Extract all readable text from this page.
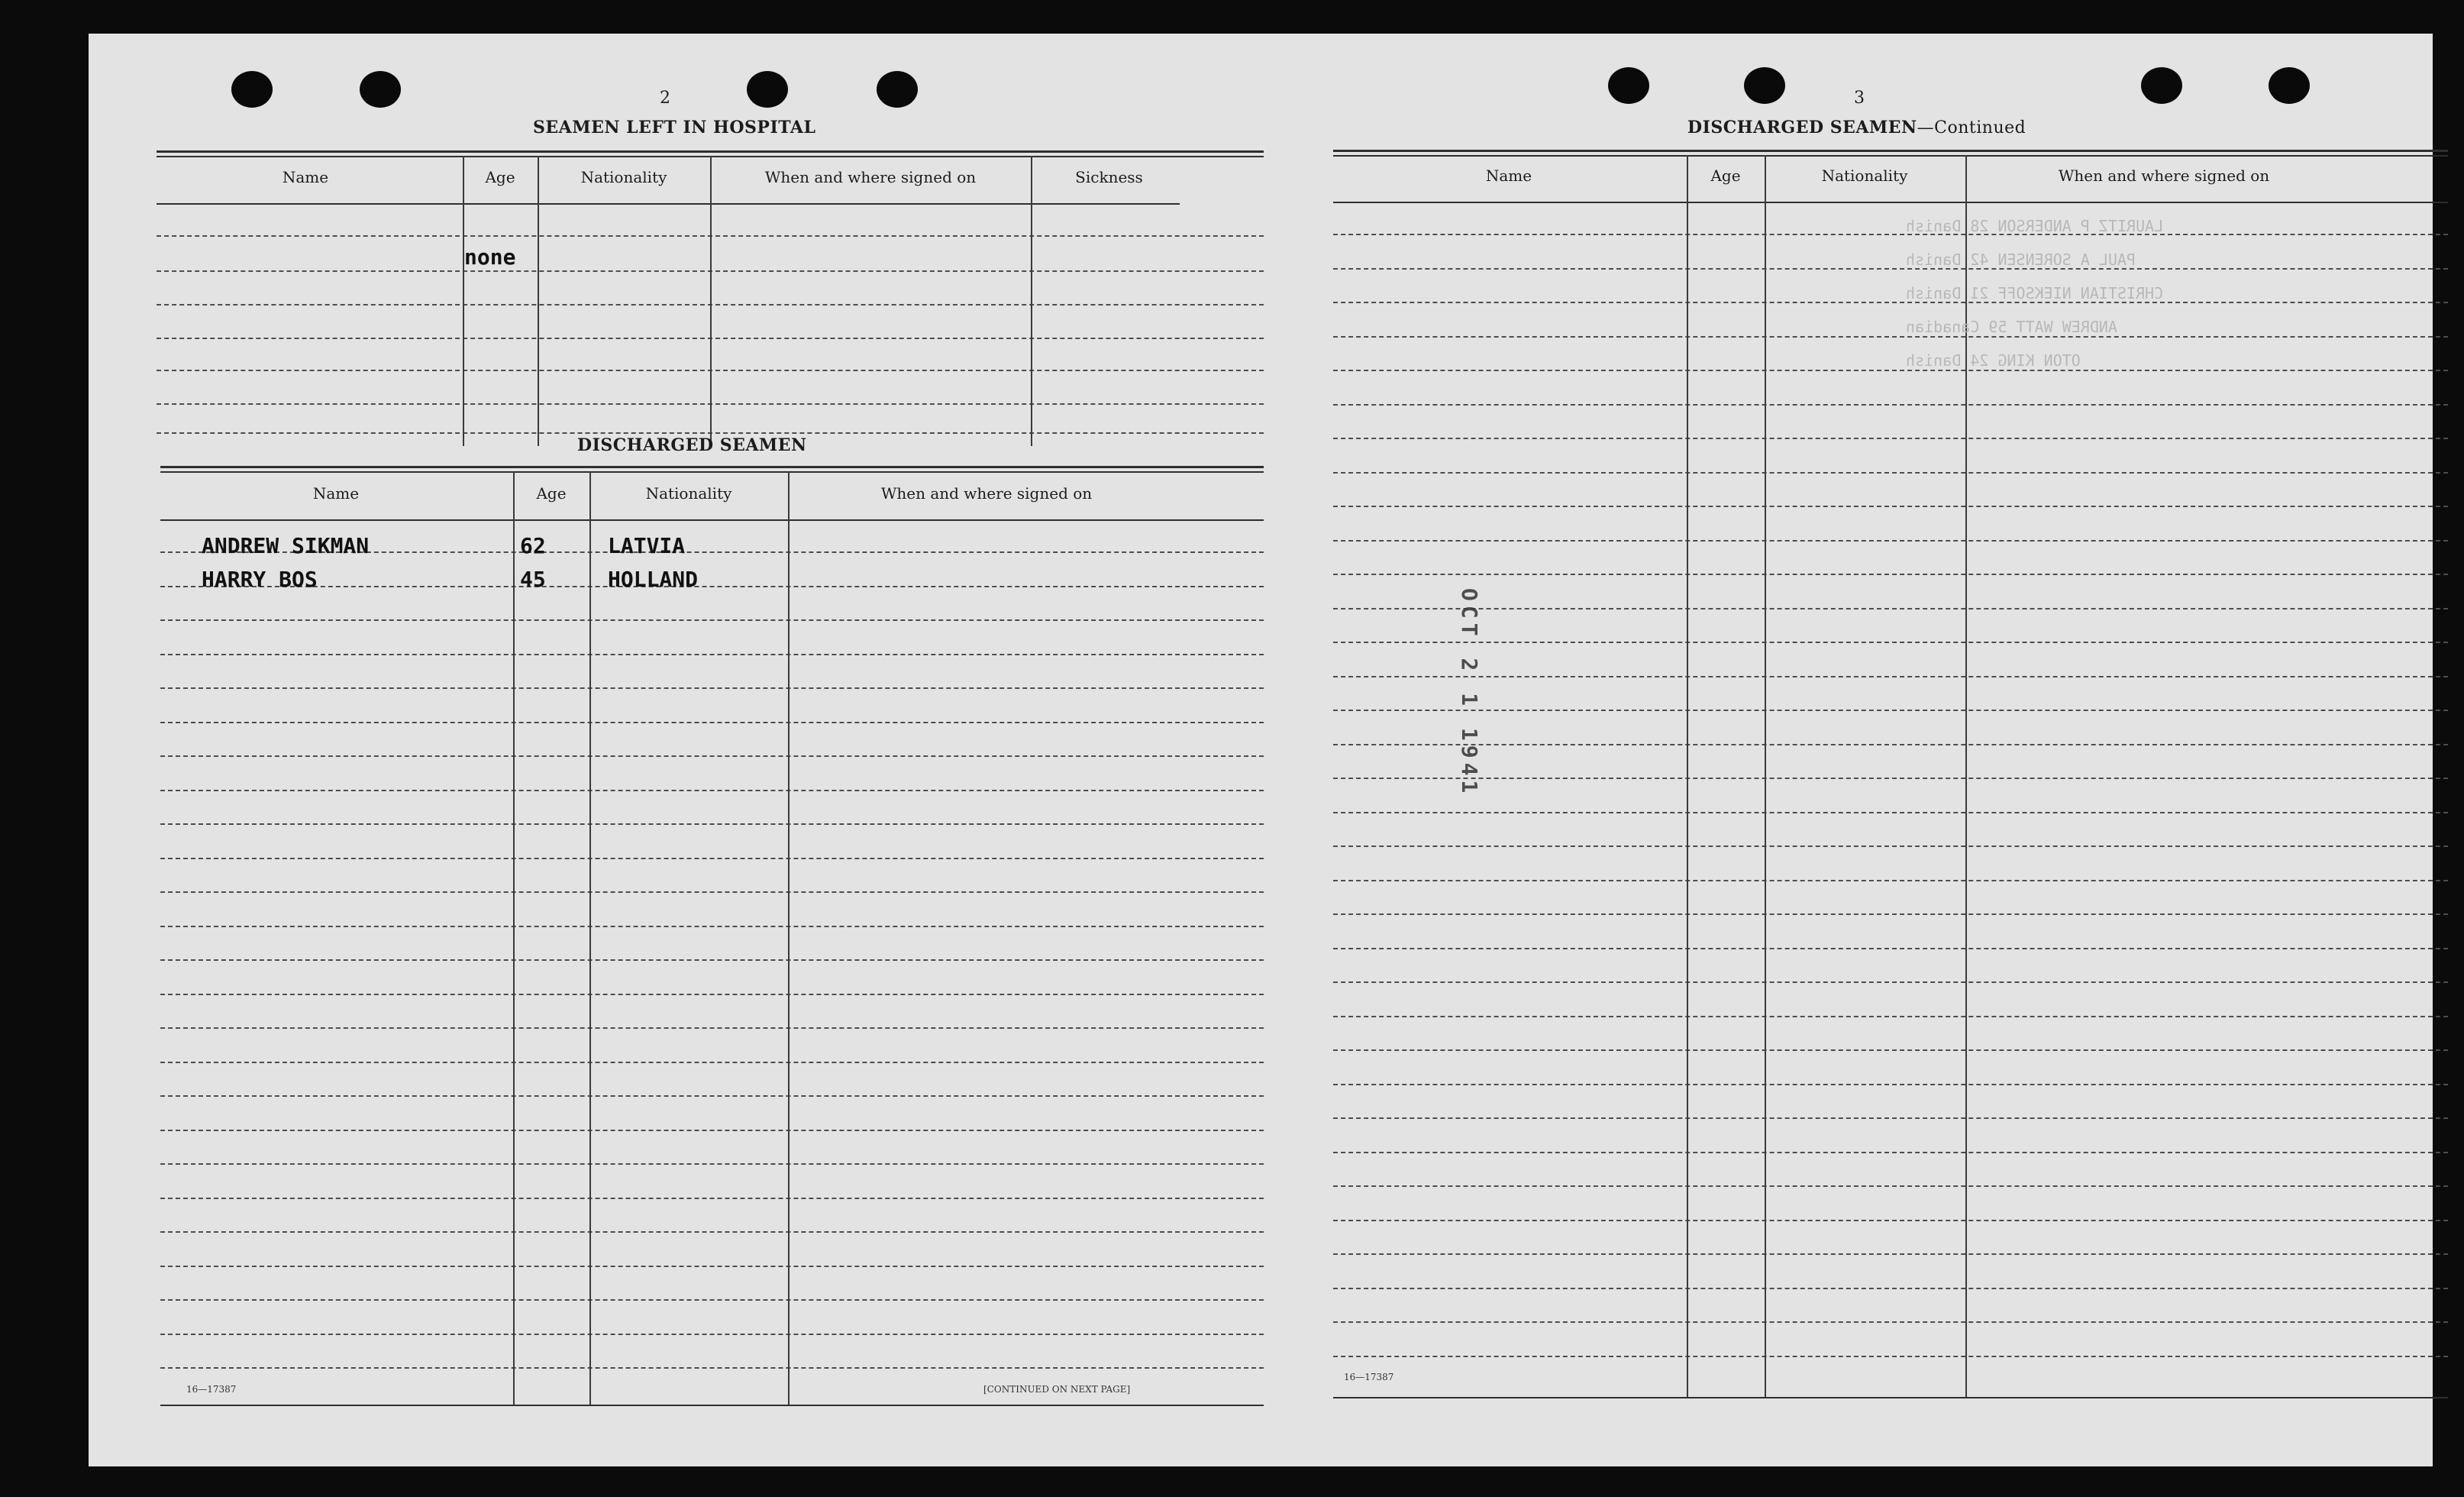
2
SEAMEN LEFT IN HOSPITAL
Name	Age	Nationality	When and where signed on	Sickness
none
DISCHARGED SEAMEN
Name	Age	Nationality	When and where signed on
ANDREW SIKMAN	62	LATVIA
HARRY BOS	45	HOLLAND
16—17387	[CONTINUED ON NEXT PAGE]
3
DISCHARGED SEAMEN—Continued
Name	Age	Nationality	When and where signed on
LAURITZ P ANDERSON 28 Danish
PAUL A SORENSEN 42 Danish
CHRISTIAN NIEKSOFF 21 Danish
ANDREW WATT 59 Canadian
OTON KING 24 Danish
OCT 2 1 1941
16—17387
